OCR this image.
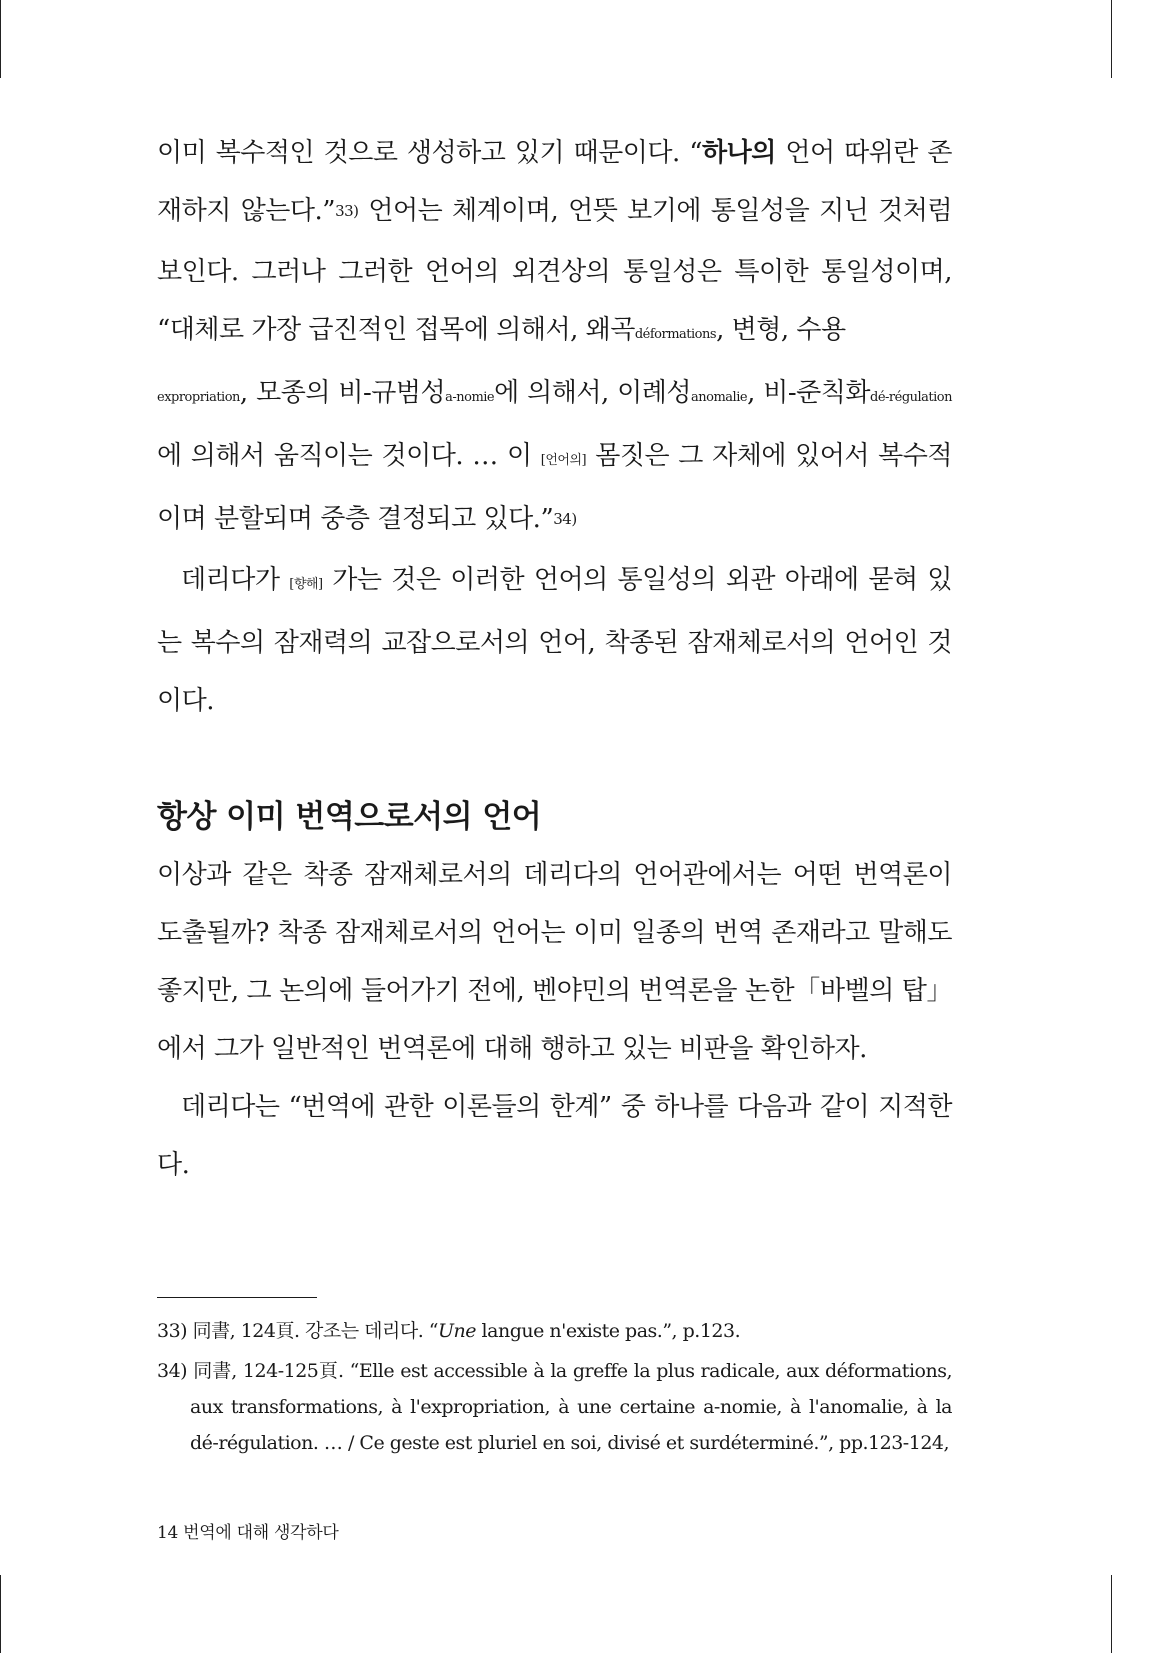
이미 복수적인 것으로 생성하고 있기 때문이다. “하나의 언어 따위란 존재하지 않는다.”33) 언어는 체계이며, 언뜻 보기에 통일성을 지닌 것처럼 보인다. 그러나 그러한 언어의 외견상의 통일성은 특이한 통일성이며, “대체로 가장 급진적인 접목에 의해서, 왜곡déformations, 변형, 수용
expropriation, 모종의 비-규범성a-nomie에 의해서, 이례성anomalie, 비-준칙화dé-régulation에 의해서 움직이는 것이다. … 이 [언어의] 몸짓은 그 자체에 있어서 복수적이며 분할되며 중층 결정되고 있다.”34)

데리다가 [향해] 가는 것은 이러한 언어의 통일성의 외관 아래에 묻혀 있는 복수의 잠재력의 교잡으로서의 언어, 착종된 잠재체로서의 언어인 것이다.

항상 이미 번역으로서의 언어

이상과 같은 착종 잠재체로서의 데리다의 언어관에서는 어떤 번역론이 도출될까? 착종 잠재체로서의 언어는 이미 일종의 번역 존재라고 말해도 좋지만, 그 논의에 들어가기 전에, 벤야민의 번역론을 논한「바벨의 탑」에서 그가 일반적인 번역론에 대해 행하고 있는 비판을 확인하자.

데리다는 “번역에 관한 이론들의 한계” 중 하나를 다음과 같이 지적한다.

33) 同書, 124頁. 강조는 데리다. “Une langue n'existe pas.”, p.123.

34) 同書, 124-125頁. “Elle est accessible à la greffe la plus radicale, aux déformations, aux transformations, à l'expropriation, à une certaine a-nomie, à l'anomalie, à la dé-régulation. … / Ce geste est pluriel en soi, divisé et surdéterminé.”, pp.123-124,

14 번역에 대해 생각하다
